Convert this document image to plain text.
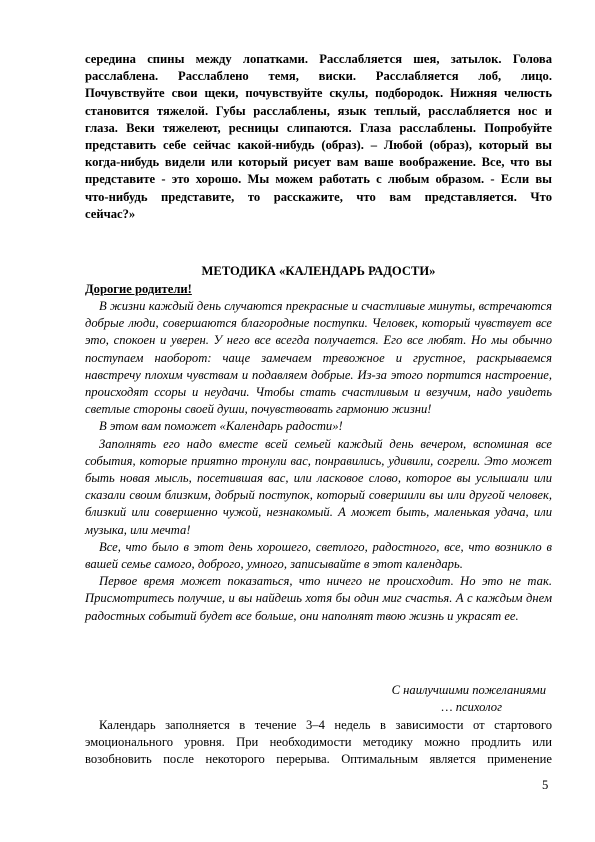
середина спины между лопатками. Расслабляется шея, затылок. Голова

расслаблена. Расслаблено темя, виски. Расслабляется лоб, лицо.

Почувствуйте свои щеки, почувствуйте скулы, подбородок. Нижняя челюсть

становится тяжелой. Губы расслаблены, язык теплый, расслабляется нос и

глаза. Веки тяжелеют, ресницы слипаются. Глаза расслаблены. Попробуйте

представить себе сейчас какой-нибудь (образ). – Любой (образ), который вы

когда-нибудь видели или который рисует вам ваше воображение. Все, что вы

представите - это хорошо. Мы можем работать с любым образом. - Если вы

что-нибудь представите, то расскажите, что вам представляется. Что

сейчас?»

МЕТОДИКА «КАЛЕНДАРЬ РАДОСТИ»
Дорогие родители!

В жизни каждый день случаются прекрасные и счастливые минуты, встречаются добрые люди, совершаются благородные поступки. Человек, который чувствует все это, спокоен и уверен. У него все всегда получается. Его все любят. Но мы обычно поступаем наоборот: чаще замечаем тревожное и грустное, раскрываемся навстречу плохим чувствам и подавляем добрые. Из-за этого портится настроение, происходят ссоры и неудачи. Чтобы стать счастливым и везучим, надо увидеть светлые стороны своей души, почувствовать гармонию жизни!

В этом вам поможет «Календарь радости»!

Заполнять его надо вместе всей семьей каждый день вечером, вспоминая все события, которые приятно тронули вас, понравились, удивили, согрели. Это может быть новая мысль, посетившая вас, или ласковое слово, которое вы услышали или сказали своим близким, добрый поступок, который совершили вы или другой человек, близкий или совершенно чужой, незнакомый. А может быть, маленькая удача, или музыка, или мечта!

Все, что было в этот день хорошего, светлого, радостного, все, что возникло в вашей семье самого, доброго, умного, записывайте в этот календарь.

Первое время может показаться, что ничего не происходит. Но это не так. Присмотритесь получше, и вы найдешь хотя бы один миг счастья. А с каждым днем радостных событий будет все больше, они наполнят твою жизнь и украсят ее.

С наилучшими пожеланиями
… психолог

Календарь заполняется в течение 3–4 недель в зависимости от стартового

эмоционального уровня. При необходимости методику можно продлить или

возобновить после некоторого перерыва. Оптимальным является применение

5
